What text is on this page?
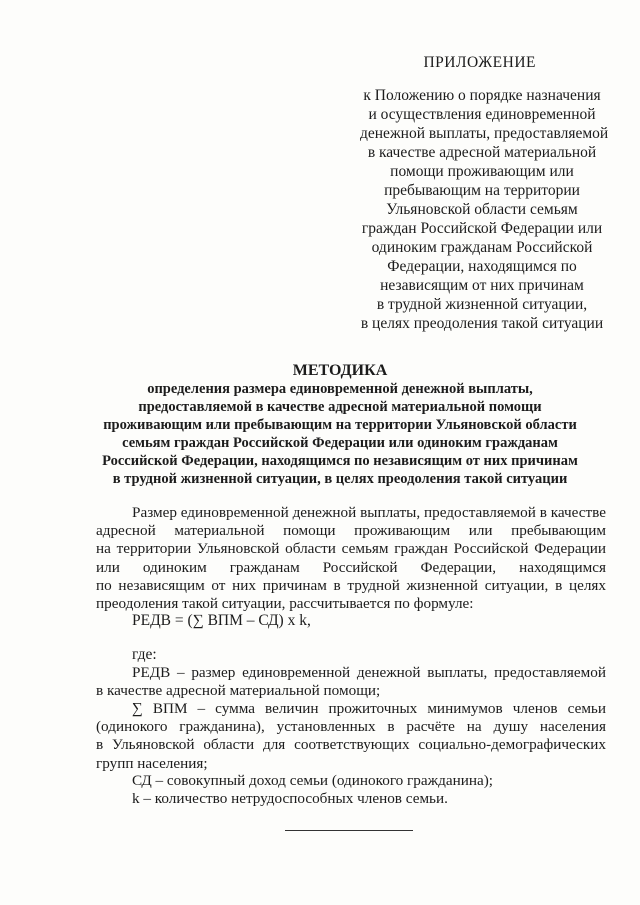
ПРИЛОЖЕНИЕ
к Положению о порядке назначения
и осуществления единовременной
денежной выплаты, предоставляемой
в качестве адресной материальной
помощи проживающим или
пребывающим на территории
Ульяновской области семьям
граждан Российской Федерации или
одиноким гражданам Российской
Федерации, находящимся по
независящим от них причинам
в трудной жизненной ситуации,
в целях преодоления такой ситуации
МЕТОДИКА
определения размера единовременной денежной выплаты,
предоставляемой в качестве адресной материальной помощи
проживающим или пребывающим на территории Ульяновской области
семьям граждан Российской Федерации или одиноким гражданам
Российской Федерации, находящимся по независящим от них причинам
в трудной жизненной ситуации, в целях преодоления такой ситуации
Размер единовременной денежной выплаты, предоставляемой в качестве
адресной материальной помощи проживающим или пребывающим
на территории Ульяновской области семьям граждан Российской Федерации
или одиноким гражданам Российской Федерации, находящимся
по независящим от них причинам в трудной жизненной ситуации, в целях
преодоления такой ситуации, рассчитывается по формуле:
РЕДВ = (∑ ВПМ – СД) х k,
где:
РЕДВ – размер единовременной денежной выплаты, предоставляемой
в качестве адресной материальной помощи;
∑ ВПМ – сумма величин прожиточных минимумов членов семьи
(одинокого гражданина), установленных в расчёте на душу населения
в Ульяновской области для соответствующих социально-демографических
групп населения;
СД – совокупный доход семьи (одинокого гражданина);
k – количество нетрудоспособных членов семьи.
